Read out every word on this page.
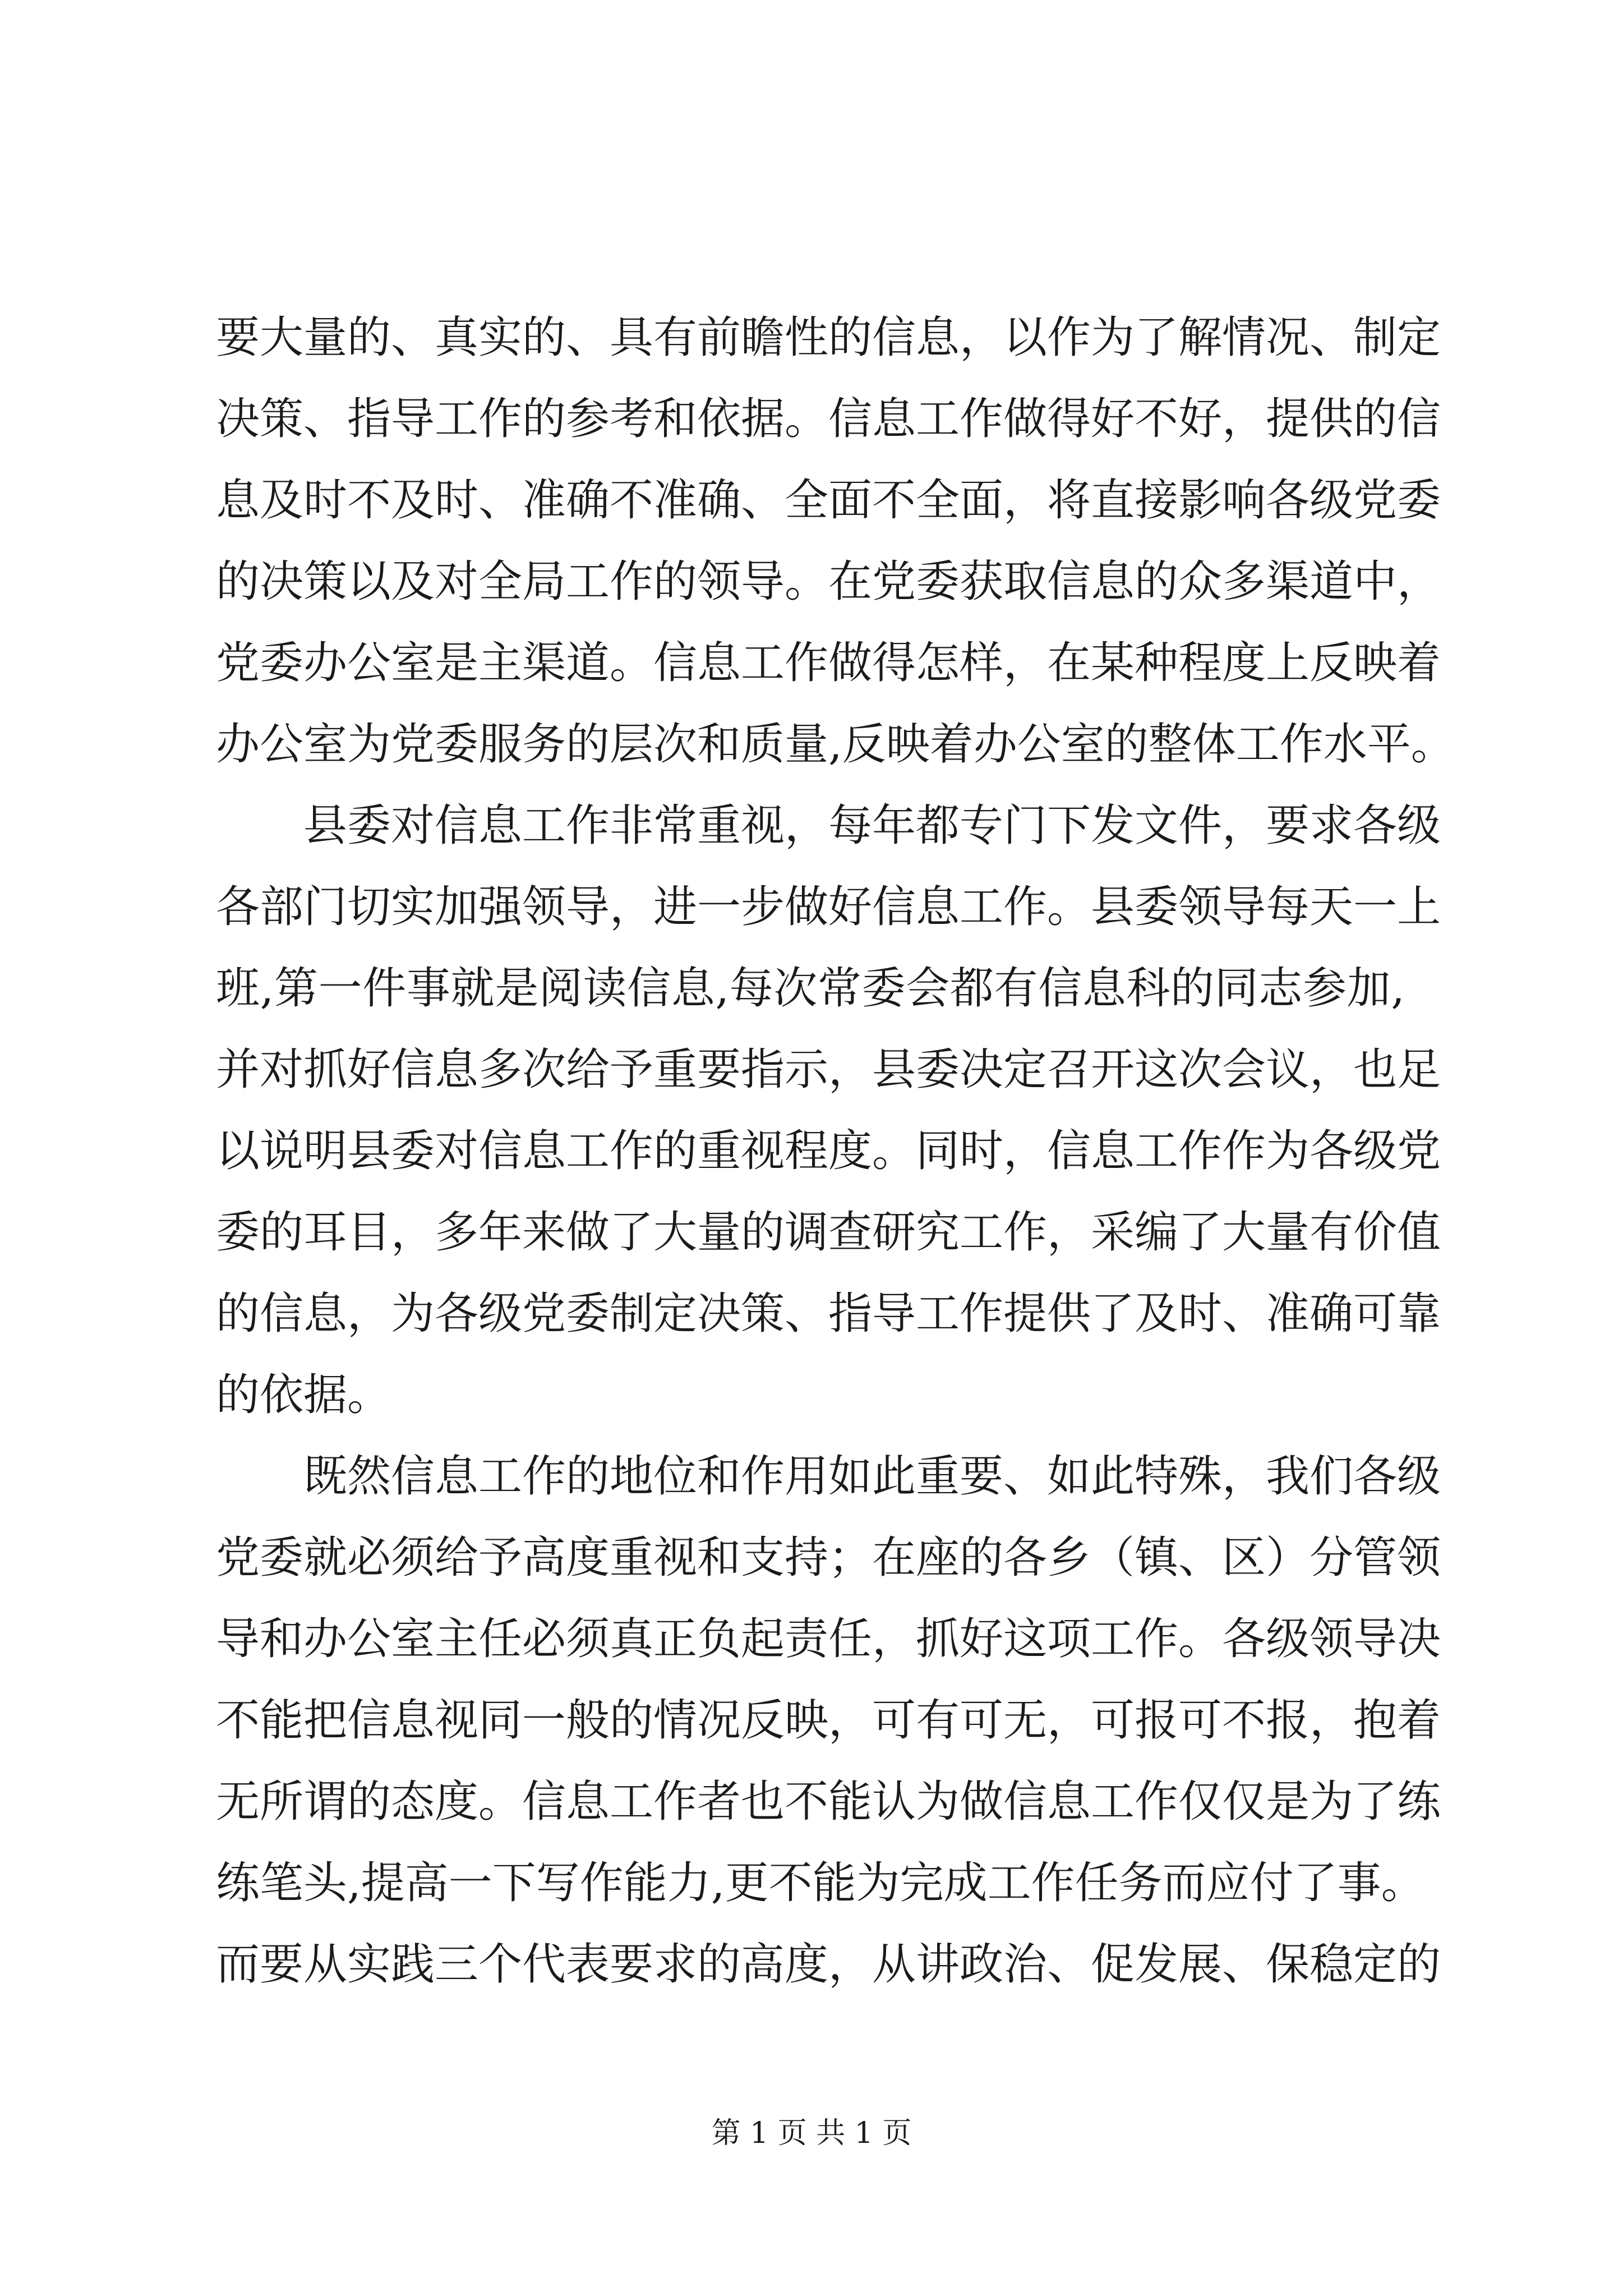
要大量的、真实的、具有前瞻性的信息，以作为了解情况、制定
决策、指导工作的参考和依据。信息工作做得好不好，提供的信
息及时不及时、准确不准确、全面不全面，将直接影响各级党委
的决策以及对全局工作的领导。在党委获取信息的众多渠道中，
党委办公室是主渠道。信息工作做得怎样，在某种程度上反映着
办公室为党委服务的层次和质量,反映着办公室的整体工作水平。
县委对信息工作非常重视，每年都专门下发文件，要求各级
各部门切实加强领导，进一步做好信息工作。县委领导每天一上
班,第一件事就是阅读信息,每次常委会都有信息科的同志参加,
并对抓好信息多次给予重要指示，县委决定召开这次会议，也足
以说明县委对信息工作的重视程度。同时，信息工作作为各级党
委的耳目，多年来做了大量的调查研究工作，采编了大量有价值
的信息，为各级党委制定决策、指导工作提供了及时、准确可靠
的依据。
既然信息工作的地位和作用如此重要、如此特殊，我们各级
党委就必须给予高度重视和支持；在座的各乡（镇、区）分管领
导和办公室主任必须真正负起责任，抓好这项工作。各级领导决
不能把信息视同一般的情况反映，可有可无，可报可不报，抱着
无所谓的态度。信息工作者也不能认为做信息工作仅仅是为了练
练笔头,提高一下写作能力,更不能为完成工作任务而应付了事。
而要从实践三个代表要求的高度，从讲政治、促发展、保稳定的
第 1 页 共 1 页
